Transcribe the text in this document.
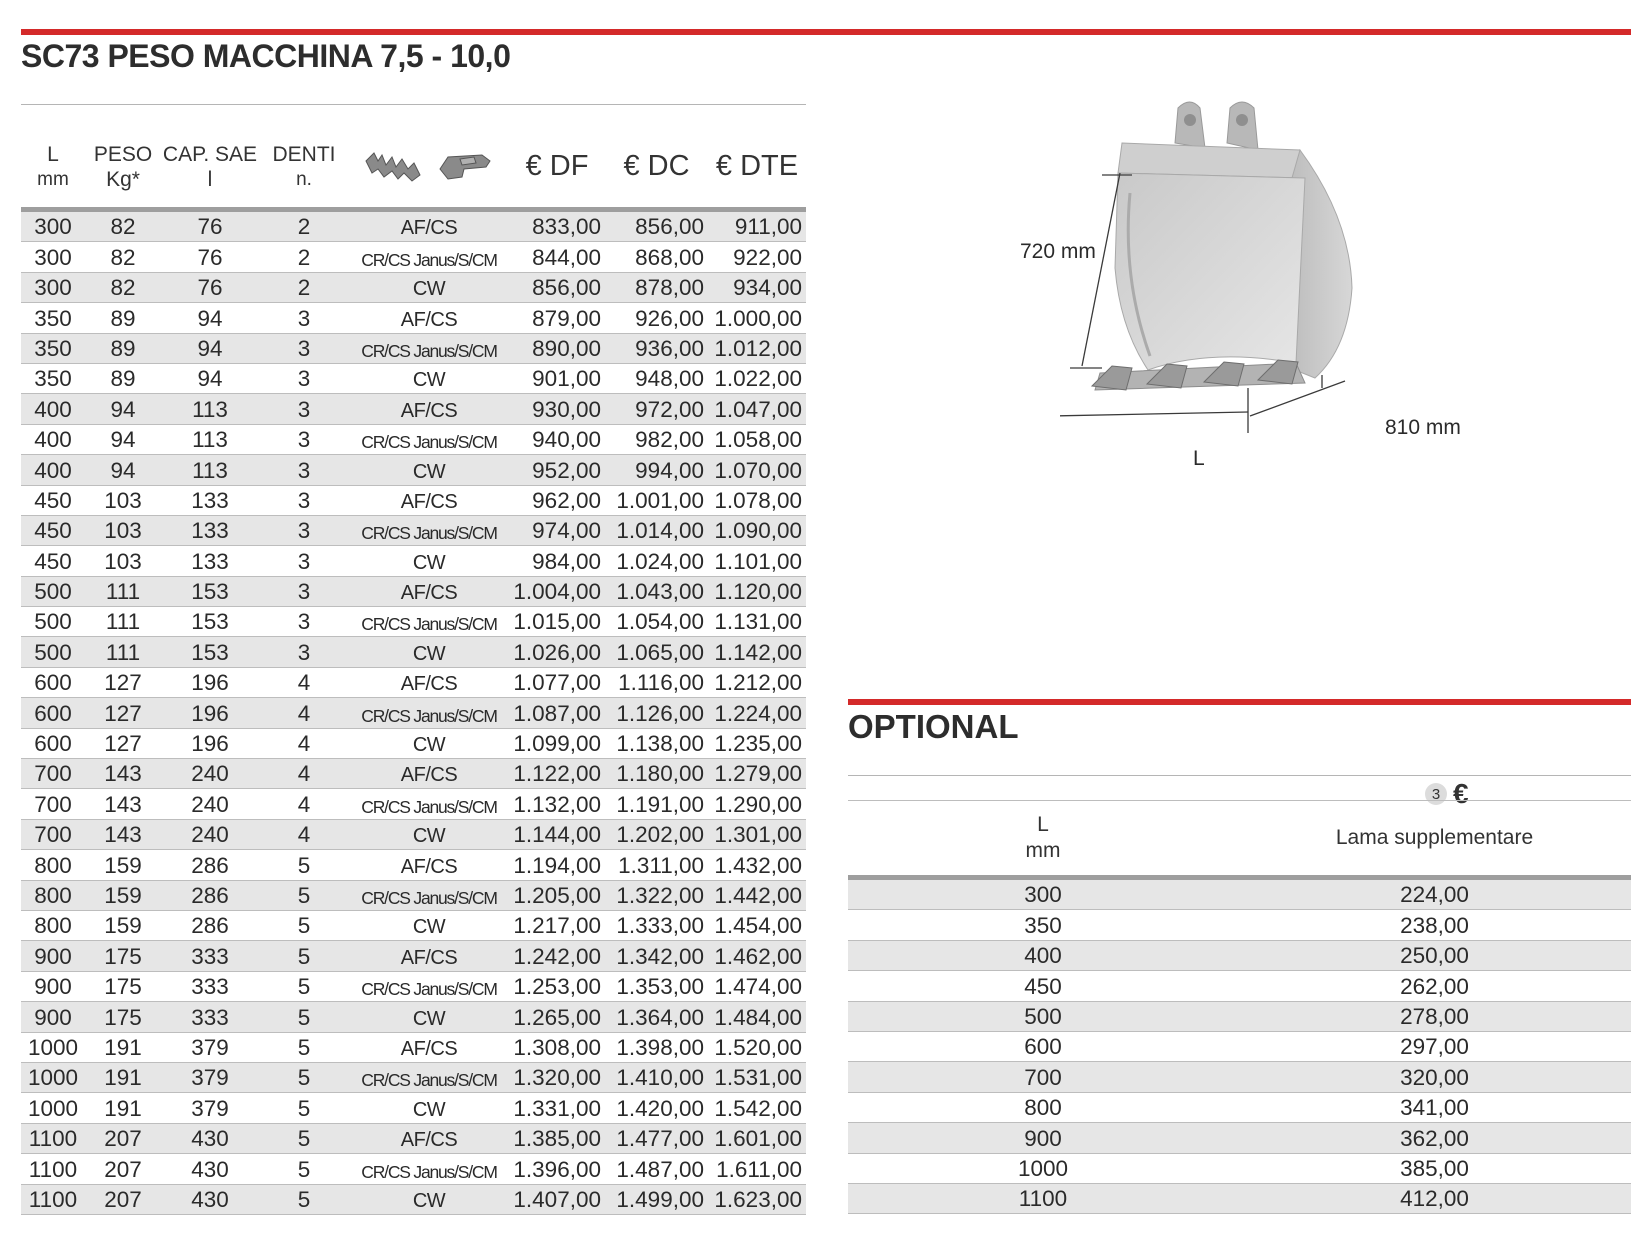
SC73 PESO MACCHINA 7,5 - 10,0
L
mm
PESO
Kg*
CAP. SAE
l
DENTI
n.	€ DF	€ DC € DTE
300	82	76	2	AF/CS	833,00	856,00	911,00
300	82	76	2	CR/CS Janus/S/CM	844,00	868,00	922,00
300	82	76	2	CW	856,00	878,00	934,00
350	89	94	3	AF/CS	879,00	926,00 1.000,00
350	89	94	3	CR/CS Janus/S/CM	890,00	936,00 1.012,00
350	89	94	3	CW	901,00	948,00 1.022,00
400	94	113	3	AF/CS	930,00	972,00 1.047,00
400	94	113	3	CR/CS Janus/S/CM	940,00	982,00 1.058,00
400	94	113	3	CW	952,00	994,00 1.070,00
450	103	133	3	AF/CS	962,00 1.001,00 1.078,00
450	103	133	3	CR/CS Janus/S/CM	974,00 1.014,00 1.090,00
450	103	133	3	CW	984,00 1.024,00 1.101,00
500	111	153	3	AF/CS	1.004,00 1.043,00 1.120,00
500	111	153	3	CR/CS Janus/S/CM 1.015,00 1.054,00 1.131,00
500	111	153	3	CW	1.026,00 1.065,00 1.142,00
600	127	196	4	AF/CS	1.077,00 1.116,00 1.212,00
600	127	196	4	CR/CS Janus/S/CM 1.087,00 1.126,00 1.224,00
600	127	196	4	CW	1.099,00 1.138,00 1.235,00
700	143	240	4	AF/CS	1.122,00 1.180,00 1.279,00
700	143	240	4	CR/CS Janus/S/CM 1.132,00 1.191,00 1.290,00
700	143	240	4	CW	1.144,00 1.202,00 1.301,00
800	159	286	5	AF/CS	1.194,00 1.311,00 1.432,00
800	159	286	5	CR/CS Janus/S/CM 1.205,00 1.322,00 1.442,00
800	159	286	5	CW	1.217,00 1.333,00 1.454,00
900	175	333	5	AF/CS	1.242,00 1.342,00 1.462,00
900	175	333	5	CR/CS Janus/S/CM 1.253,00 1.353,00 1.474,00
900	175	333	5	CW	1.265,00 1.364,00 1.484,00
1000	191	379	5	AF/CS	1.308,00 1.398,00 1.520,00
1000	191	379	5	CR/CS Janus/S/CM 1.320,00 1.410,00 1.531,00
1000	191	379	5	CW	1.331,00 1.420,00 1.542,00
1100	207	430	5	AF/CS	1.385,00 1.477,00 1.601,00
1100	207	430	5	CR/CS Janus/S/CM 1.396,00 1.487,00 1.611,00
1100	207	430	5	CW	1.407,00 1.499,00 1.623,00
720 mm
810 mm
L
OPTIONAL
3 €
L
mm
Lama supplementare
300	224,00
350	238,00
400	250,00
450	262,00
500	278,00
600	297,00
700	320,00
800	341,00
900	362,00
1000	385,00
1100	412,00
